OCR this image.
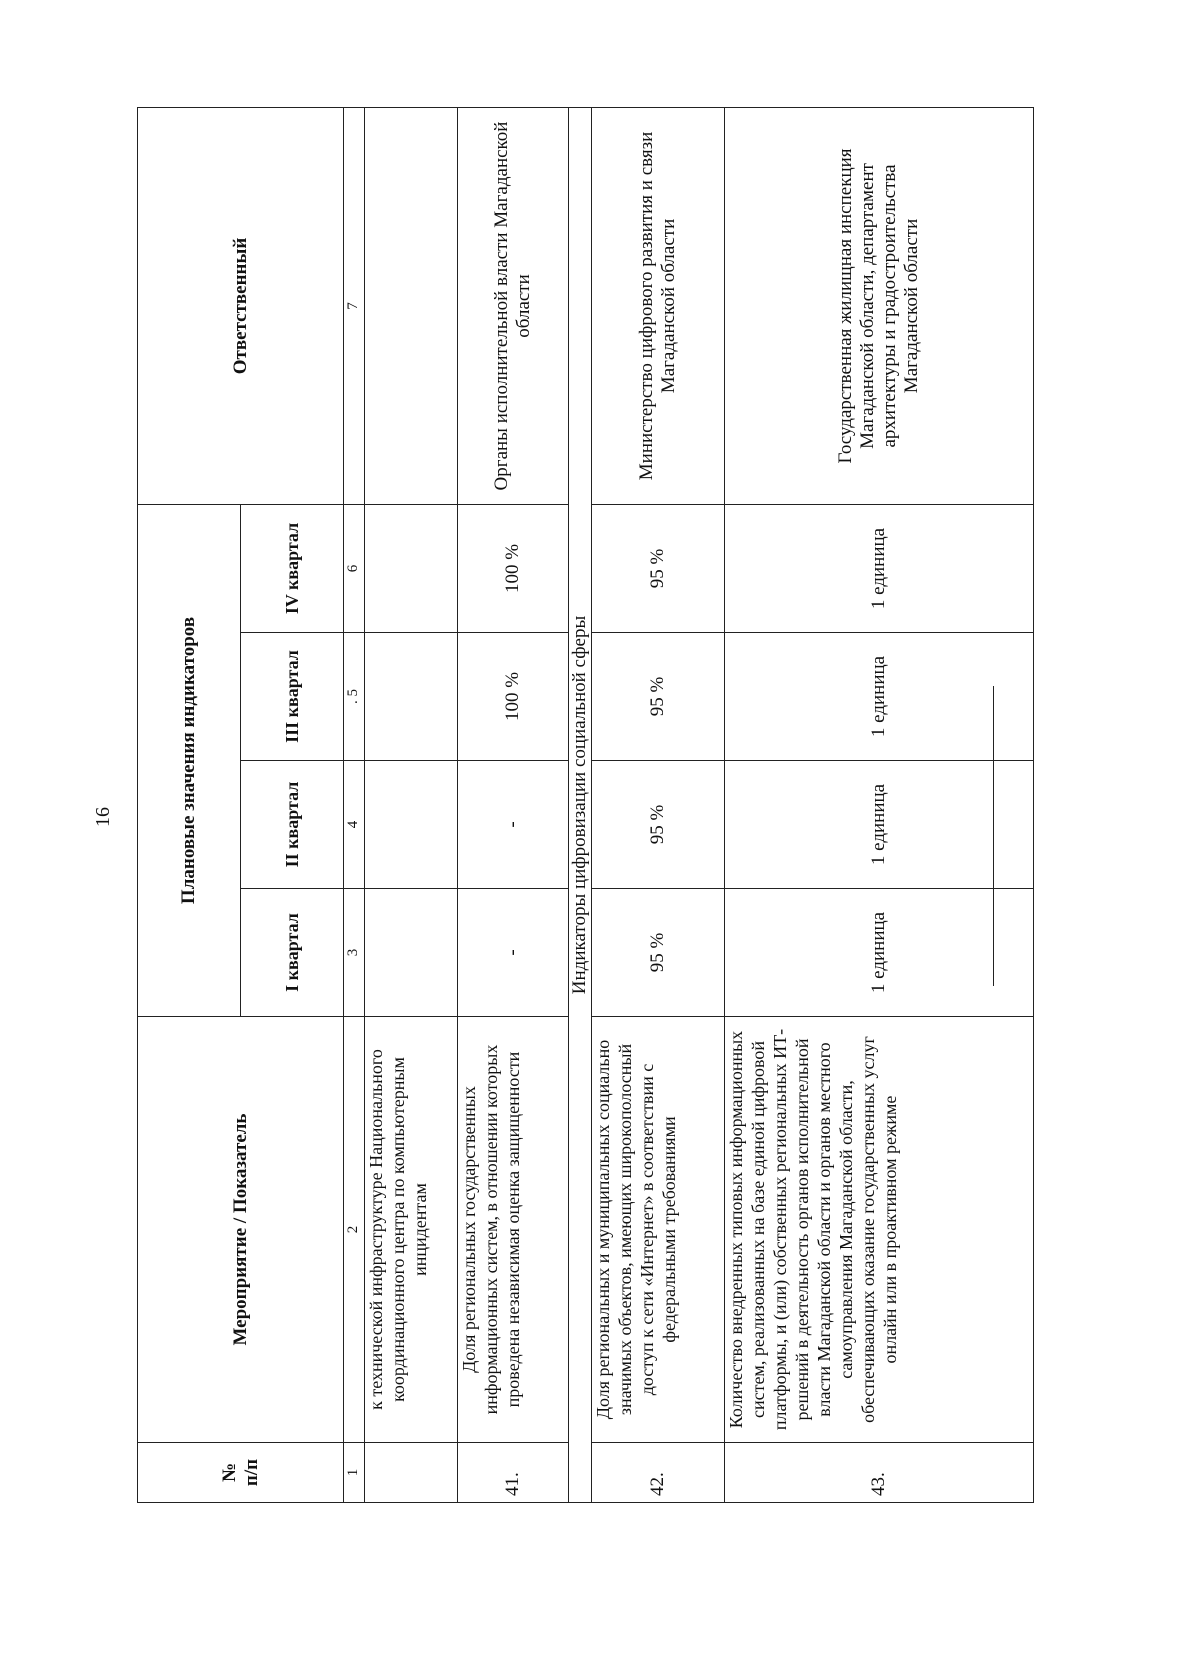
16
№
п/п	Мероприятие / Показатель	Плановые значения индикаторов				Ответственный
		I квартал	II квартал	III квартал	IV квартал	
1	2	3	4	. 5	6	7
	к технической инфраструктуре Национального координационного центра по компьютерным инцидентам					
41.	Доля региональных государственных информационных систем, в отношении которых проведена независимая оценка защищенности	-	-	100 %	100 %	Органы исполнительной власти Магаданской области
Индикаторы цифровизации социальной сферы						
42.	Доля региональных и муниципальных социально значимых объектов, имеющих широкополосный доступ к сети «Интернет» в соответствии с федеральными требованиями	95 %	95 %	95 %	95 %	Министерство цифрового развития и связи Магаданской области
43.	Количество внедренных типовых информационных систем, реализованных на базе единой цифровой платформы, и (или) собственных региональных ИТ-решений в деятельность органов исполнительной власти Магаданской области и органов местного самоуправления Магаданской области, обеспечивающих оказание государственных услуг онлайн или в проактивном режиме	1 единица	1 единица	1 единица	1 единица	Государственная жилищная инспекция Магаданской области, департамент архитектуры и градостроительства Магаданской области
